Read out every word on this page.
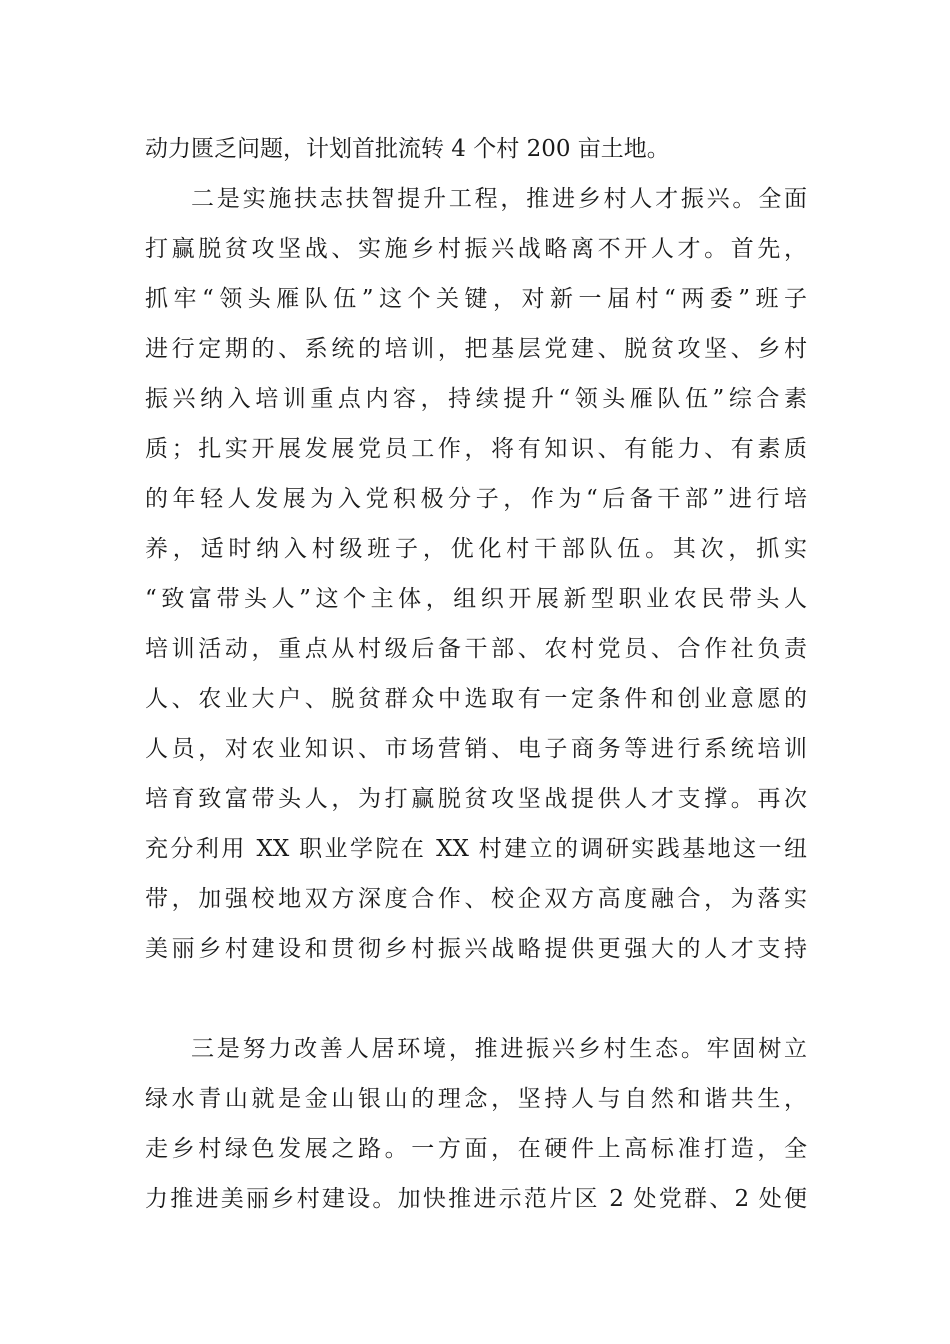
动力匮乏问题，计划首批流转 4 个村 200 亩土地。
二是实施扶志扶智提升工程，推进乡村人才振兴。全面
打赢脱贫攻坚战、实施乡村振兴战略离不开人才。首先，
抓牢“领头雁队伍”这个关键，对新一届村“两委”班子
进行定期的、系统的培训，把基层党建、脱贫攻坚、乡村
振兴纳入培训重点内容，持续提升“领头雁队伍”综合素
质；扎实开展发展党员工作，将有知识、有能力、有素质
的年轻人发展为入党积极分子，作为“后备干部”进行培
养，适时纳入村级班子，优化村干部队伍。其次，抓实
“致富带头人”这个主体，组织开展新型职业农民带头人
培训活动，重点从村级后备干部、农村党员、合作社负责
人、农业大户、脱贫群众中选取有一定条件和创业意愿的
人员，对农业知识、市场营销、电子商务等进行系统培训
培育致富带头人，为打赢脱贫攻坚战提供人才支撑。再次
充分利用 XX 职业学院在 XX 村建立的调研实践基地这一纽
带，加强校地双方深度合作、校企双方高度融合，为落实
美丽乡村建设和贯彻乡村振兴战略提供更强大的人才支持
三是努力改善人居环境，推进振兴乡村生态。牢固树立
绿水青山就是金山银山的理念，坚持人与自然和谐共生，
走乡村绿色发展之路。一方面，在硬件上高标准打造，全
力推进美丽乡村建设。加快推进示范片区 2 处党群、2 处便
